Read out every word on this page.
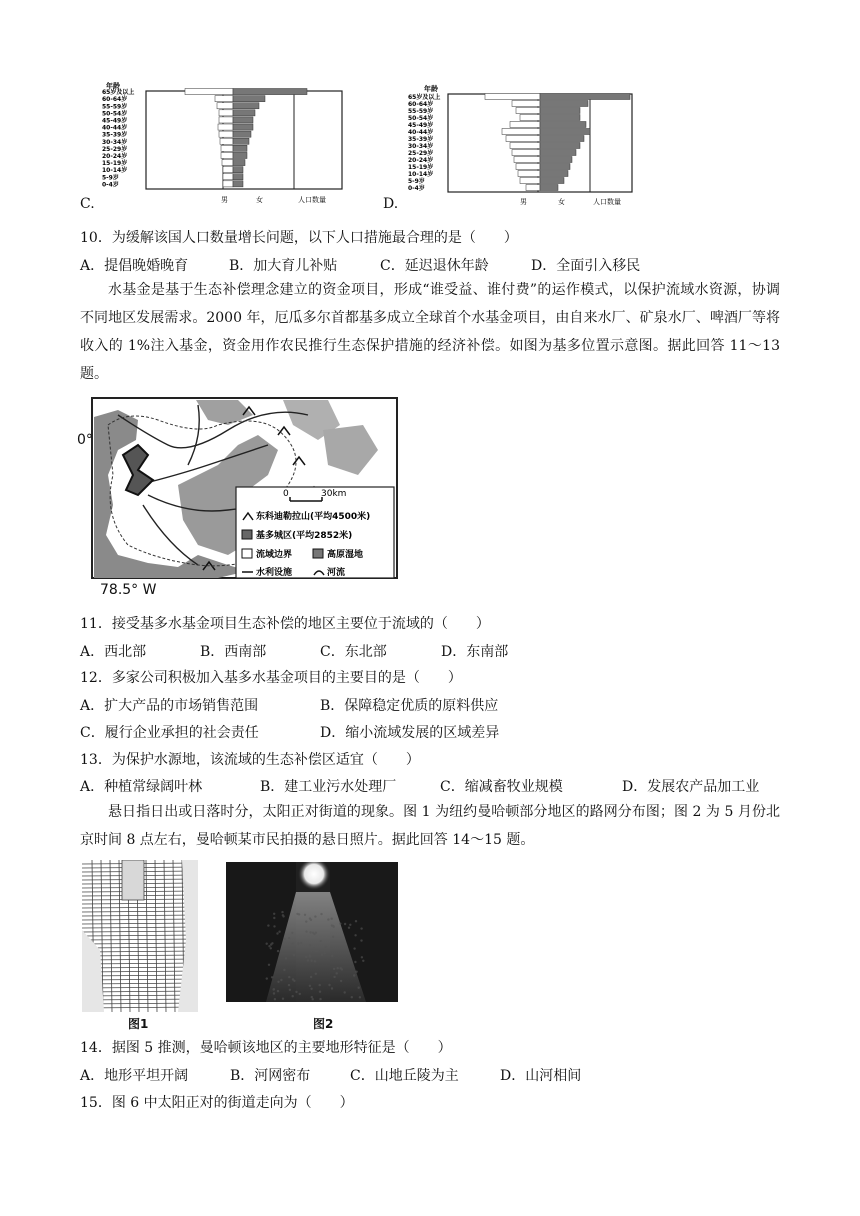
C.
年龄
65岁及以上
60-64岁
55-59岁
50-54岁
45-49岁
40-44岁
35-39岁
30-34岁
25-29岁
20-24岁
15-19岁
10-14岁
5-9岁
0-4岁
男	女	人口数量	D.
年龄
65岁及以上
60-64岁
55-59岁
50-54岁
45-49岁
40-44岁
35-39岁
30-34岁
25-29岁
20-24岁
15-19岁
10-14岁
5-9岁
0-4岁
男	女	人口数量
10．为缓解该国人口数量增长问题，以下人口措施最合理的是（　　）
A．提倡晚婚晚育	B．加大育儿补贴	C．延迟退休年龄	D．全面引入移民
水基金是基于生态补偿理念建立的资金项目，形成“谁受益、谁付费”的运作模式，以保护流域水资源，协调不同地区发展需求。2000 年，厄瓜多尔首都基多成立全球首个水基金项目，由自来水厂、矿泉水厂、啤酒厂等将收入的 1%注入基金，资金用作农民推行生态保护措施的经济补偿。如图为基多位置示意图。据此回答 11～13 题。
0	30km
东科迪勒拉山(平均4500米)
基多城区(平均2852米)
流域边界	高原湿地
水利设施	河流
0°
78.5° W
11．接受基多水基金项目生态补偿的地区主要位于流域的（　　）
A．西北部	B．西南部	C．东北部	D．东南部
12．多家公司积极加入基多水基金项目的主要目的是（　　）
A．扩大产品的市场销售范围	B．保障稳定优质的原料供应
C．履行企业承担的社会责任	D．缩小流域发展的区域差异
13．为保护水源地，该流域的生态补偿区适宜（　　）
A．种植常绿阔叶林	B．建工业污水处理厂	C．缩减畜牧业规模	D．发展农产品加工业
悬日指日出或日落时分，太阳正对街道的现象。图 1 为纽约曼哈顿部分地区的路网分布图；图 2 为 5 月份北京时间 8 点左右，曼哈顿某市民拍摄的悬日照片。据此回答 14～15 题。
图1	图2
14．据图 5 推测，曼哈顿该地区的主要地形特征是（　　）
A．地形平坦开阔	B．河网密布	C．山地丘陵为主	D．山河相间
15．图 6 中太阳正对的街道走向为（　　）
